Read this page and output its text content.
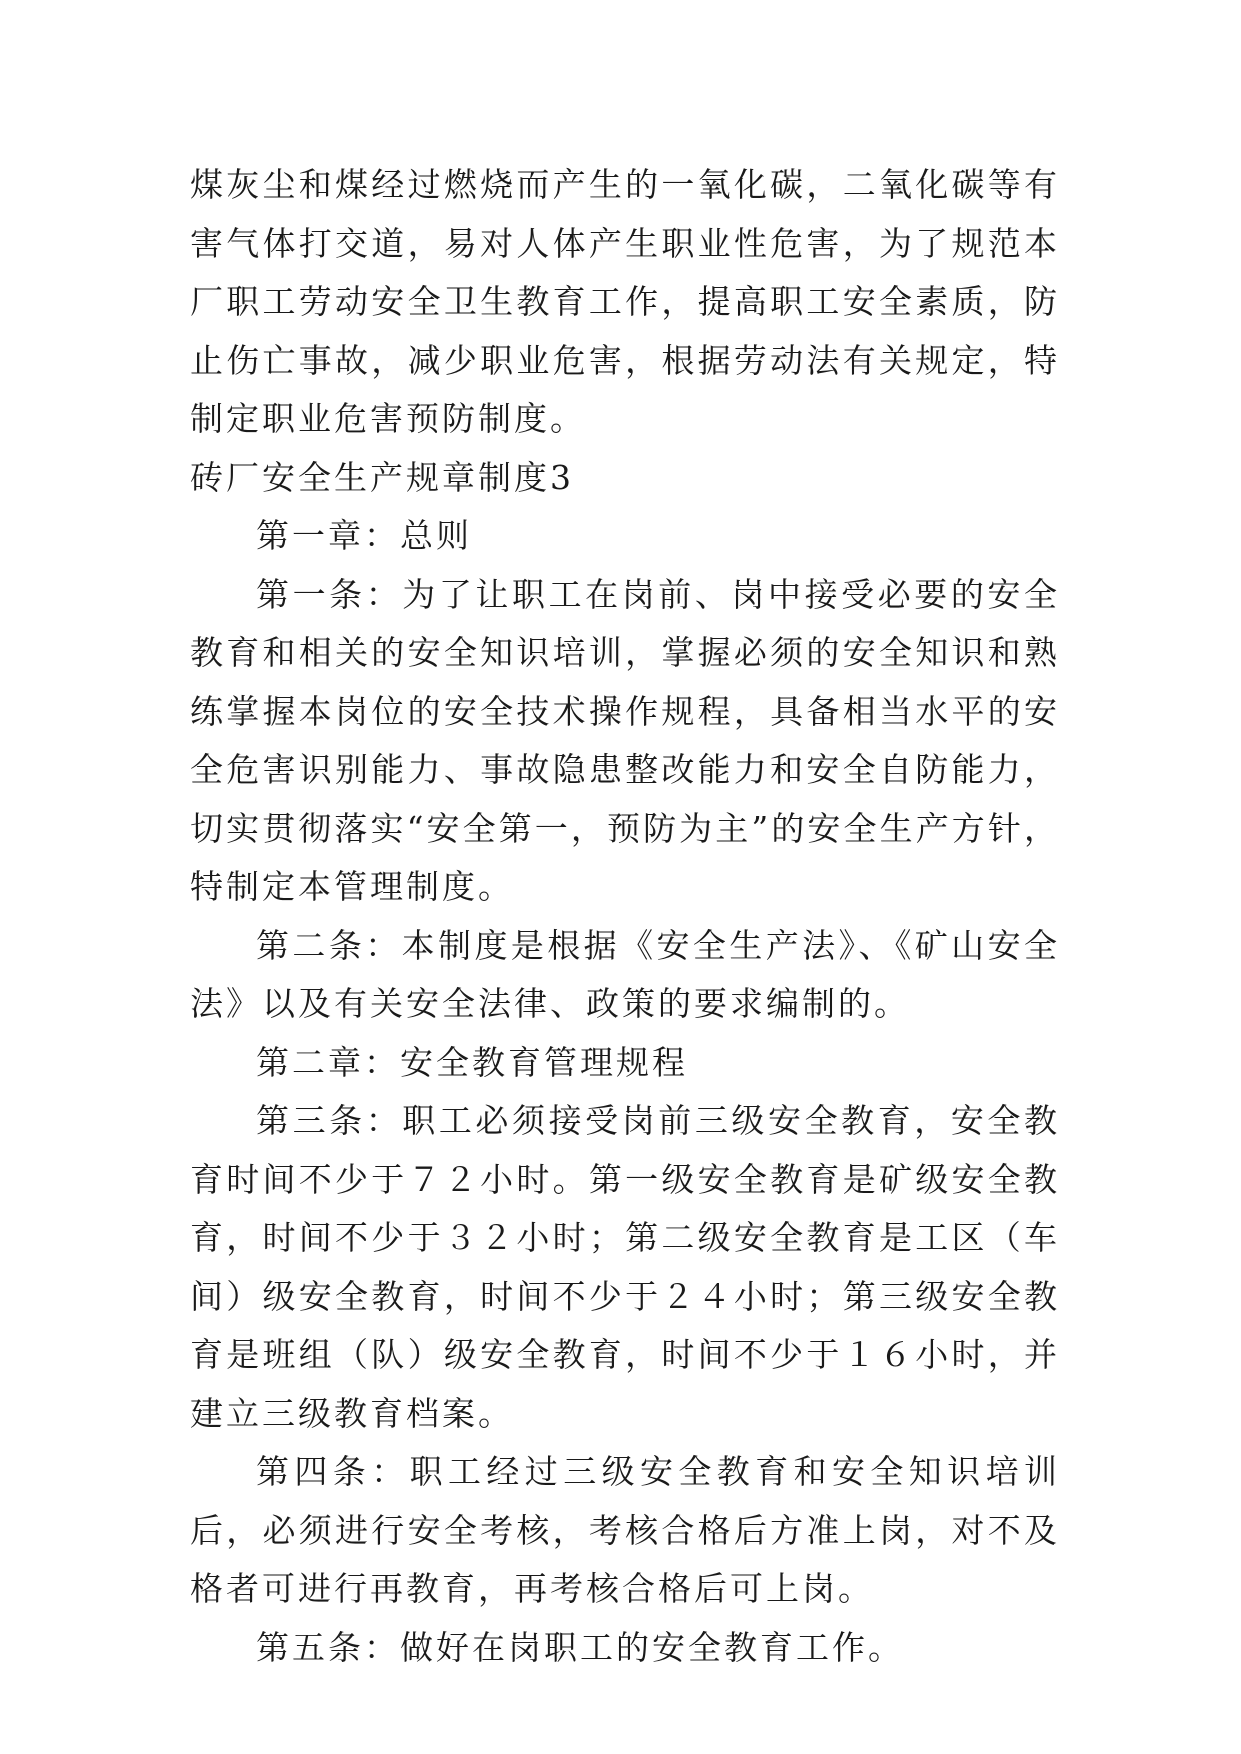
煤灰尘和煤经过燃烧而产生的一氧化碳，二氧化碳等有害气体打交道，易对人体产生职业性危害，为了规范本厂职工劳动安全卫生教育工作，提高职工安全素质，防止伤亡事故，减少职业危害，根据劳动法有关规定，特制定职业危害预防制度。

砖厂安全生产规章制度3

第一章：总则

第一条：为了让职工在岗前、岗中接受必要的安全教育和相关的安全知识培训，掌握必须的安全知识和熟练掌握本岗位的安全技术操作规程，具备相当水平的安全危害识别能力、事故隐患整改能力和安全自防能力，切实贯彻落实“安全第一，预防为主”的安全生产方针，特制定本管理制度。

第二条：本制度是根据《安全生产法》、《矿山安全法》以及有关安全法律、政策的要求编制的。

第二章：安全教育管理规程

第三条：职工必须接受岗前三级安全教育，安全教育时间不少于７２小时。第一级安全教育是矿级安全教育，时间不少于３２小时；第二级安全教育是工区（车间）级安全教育，时间不少于２４小时；第三级安全教育是班组（队）级安全教育，时间不少于１６小时，并建立三级教育档案。

第四条：职工经过三级安全教育和安全知识培训后，必须进行安全考核，考核合格后方准上岗，对不及格者可进行再教育，再考核合格后可上岗。

第五条：做好在岗职工的安全教育工作。
